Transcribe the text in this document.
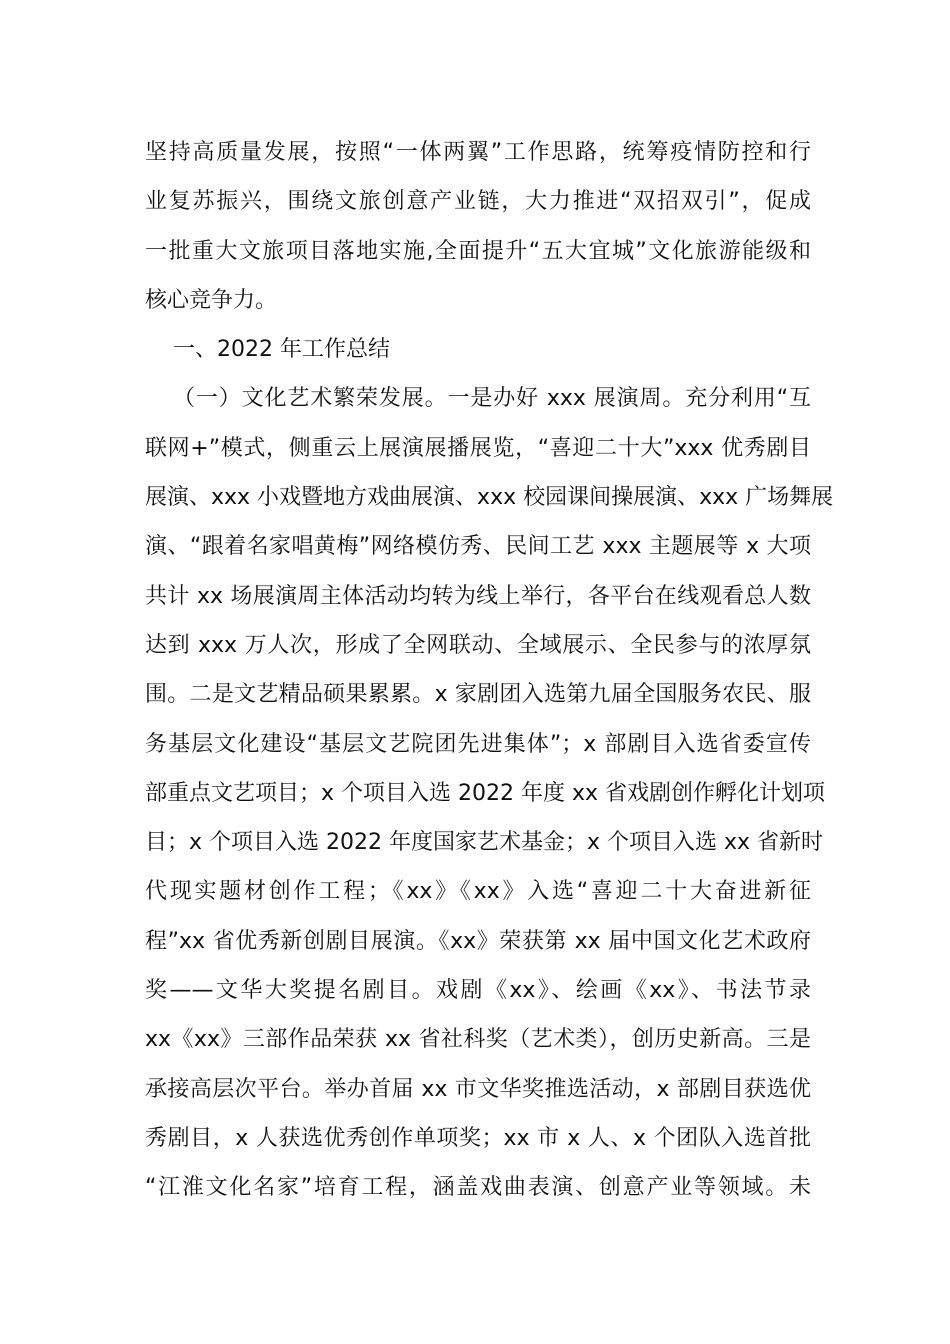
坚持高质量发展，按照“一体两翼”工作思路，统筹疫情防控和行
业复苏振兴，围绕文旅创意产业链，大力推进“双招双引”，促成
一批重大文旅项目落地实施,全面提升“五大宜城”文化旅游能级和
核心竞争力。
一、2022 年工作总结
（一）文化艺术繁荣发展。一是办好 xxx 展演周。充分利用“互
联网+”模式，侧重云上展演展播展览，“喜迎二十大”xxx 优秀剧目
展演、xxx 小戏暨地方戏曲展演、xxx 校园课间操展演、xxx 广场舞展
演、“跟着名家唱黄梅”网络模仿秀、民间工艺 xxx 主题展等 x 大项
共计 xx 场展演周主体活动均转为线上举行，各平台在线观看总人数
达到 xxx 万人次，形成了全网联动、全域展示、全民参与的浓厚氛
围。二是文艺精品硕果累累。x 家剧团入选第九届全国服务农民、服
务基层文化建设“基层文艺院团先进集体”；x 部剧目入选省委宣传
部重点文艺项目；x 个项目入选 2022 年度 xx 省戏剧创作孵化计划项
目；x 个项目入选 2022 年度国家艺术基金；x 个项目入选 xx 省新时
代现实题材创作工程；《xx》《xx》入选“喜迎二十大奋进新征
程”xx 省优秀新创剧目展演。《xx》荣获第 xx 届中国文化艺术政府
奖——文华大奖提名剧目。戏剧《xx》、绘画《xx》、书法节录
xx《xx》三部作品荣获 xx 省社科奖（艺术类），创历史新高。三是
承接高层次平台。举办首届 xx 市文华奖推选活动，x 部剧目获选优
秀剧目，x 人获选优秀创作单项奖；xx 市 x 人、x 个团队入选首批
“江淮文化名家”培育工程，涵盖戏曲表演、创意产业等领域。未
